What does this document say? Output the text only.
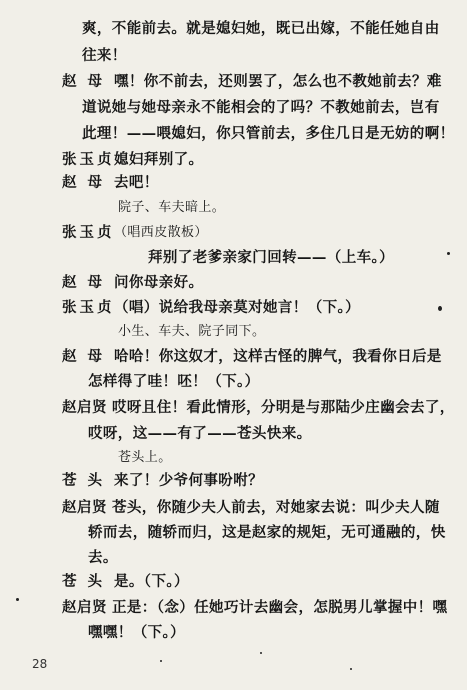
爽，不能前去。就是媳妇她，既已出嫁，不能任她自由
往来！
赵 母 嘿！你不前去，还则罢了，怎么也不教她前去？难
道说她与她母亲永不能相会的了吗？不教她前去，岂有
此理！——喂媳妇，你只管前去，多住几日是无妨的啊！
张玉贞 媳妇拜别了。
赵 母 去吧！
院子、车夫暗上。
张玉贞 （唱西皮散板）
拜别了老爹亲家门回转——（上车。）
赵 母 问你母亲好。
张玉贞 （唱）说给我母亲莫对她言！（下。）
小生、车夫、院子同下。
赵 母 哈哈！你这奴才，这样古怪的脾气，我看你日后是
怎样得了哇！呸！（下。）
赵启贤 哎呀且住！看此情形，分明是与那陆少庄幽会去了，
哎呀，这——有了——苍头快来。
苍头上。
苍 头 来了！少爷何事吩咐？
赵启贤 苍头，你随少夫人前去，对她家去说：叫少夫人随
轿而去，随轿而归，这是赵家的规矩，无可通融的，快
去。
苍 头 是。（下。）
赵启贤 正是：（念）任她巧计去幽会，怎脱男儿掌握中！嘿
嘿嘿！（下。）
28
